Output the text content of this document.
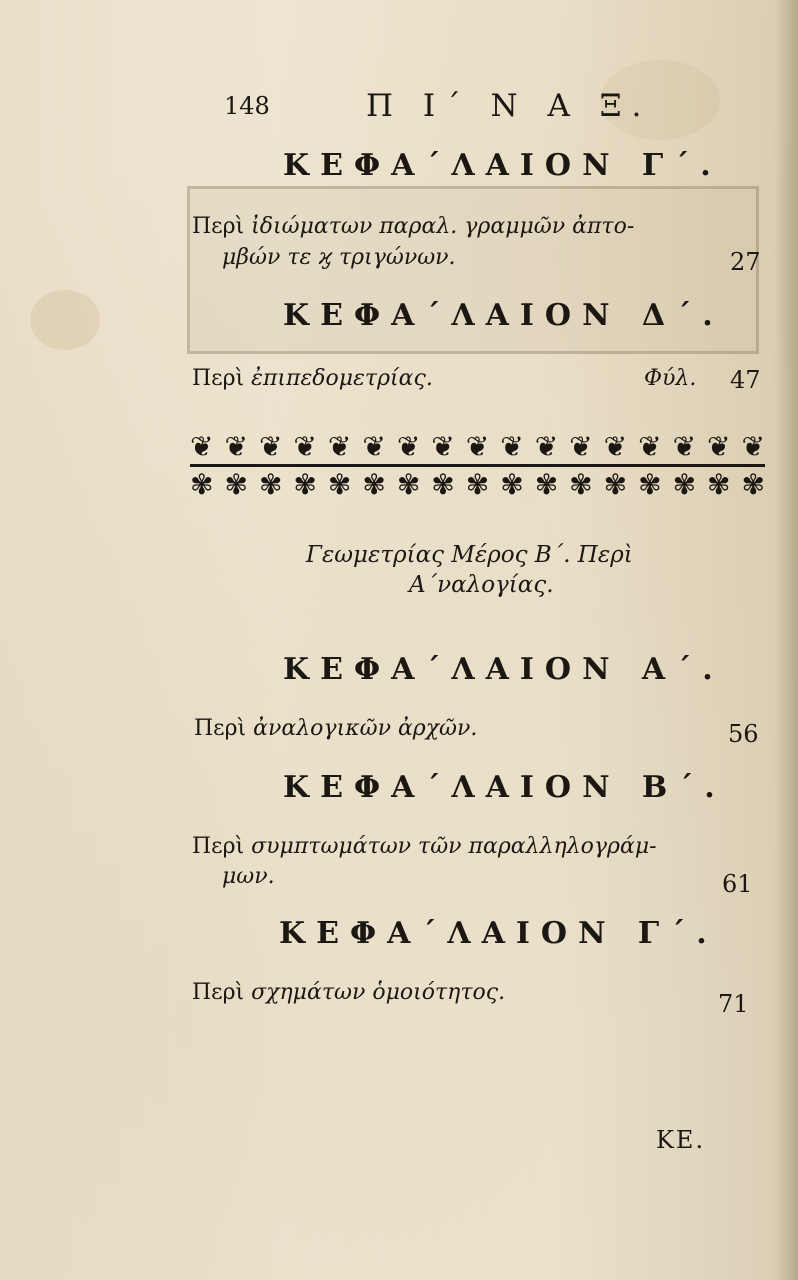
148	Π Ι΄ Ν Α Ξ.
ΚΕΦΑ΄ΛΑΙΟΝ Γ΄.
Περὶ ἰδιώματων παραλ. γραμμῶν ἀπτο-
μβών τε ϗ τριγώνων.	27
ΚΕΦΑ΄ΛΑΙΟΝ Δ΄.
Περὶ ἐπιπεδομετρίας.	Φύλ. 47
❦ ❦ ❦ ❦ ❦ ❦ ❦ ❦ ❦ ❦ ❦ ❦ ❦ ❦ ❦ ❦ ❦
✾ ✾ ✾ ✾ ✾ ✾ ✾ ✾ ✾ ✾ ✾ ✾ ✾ ✾ ✾ ✾ ✾
Γεωμετρίας Μέρος Β΄. Περὶ
Α΄ναλογίας.
ΚΕΦΑ΄ΛΑΙΟΝ Α΄.
Περὶ ἀναλογικῶν ἀρχῶν.	56
ΚΕΦΑ΄ΛΑΙΟΝ Β΄.
Περὶ συμπτωμάτων τῶν παραλληλογράμ-
μων.	61
ΚΕΦΑ΄ΛΑΙΟΝ Γ΄.
Περὶ σχημάτων ὁμοιότητος.	71
ΚΕ.
